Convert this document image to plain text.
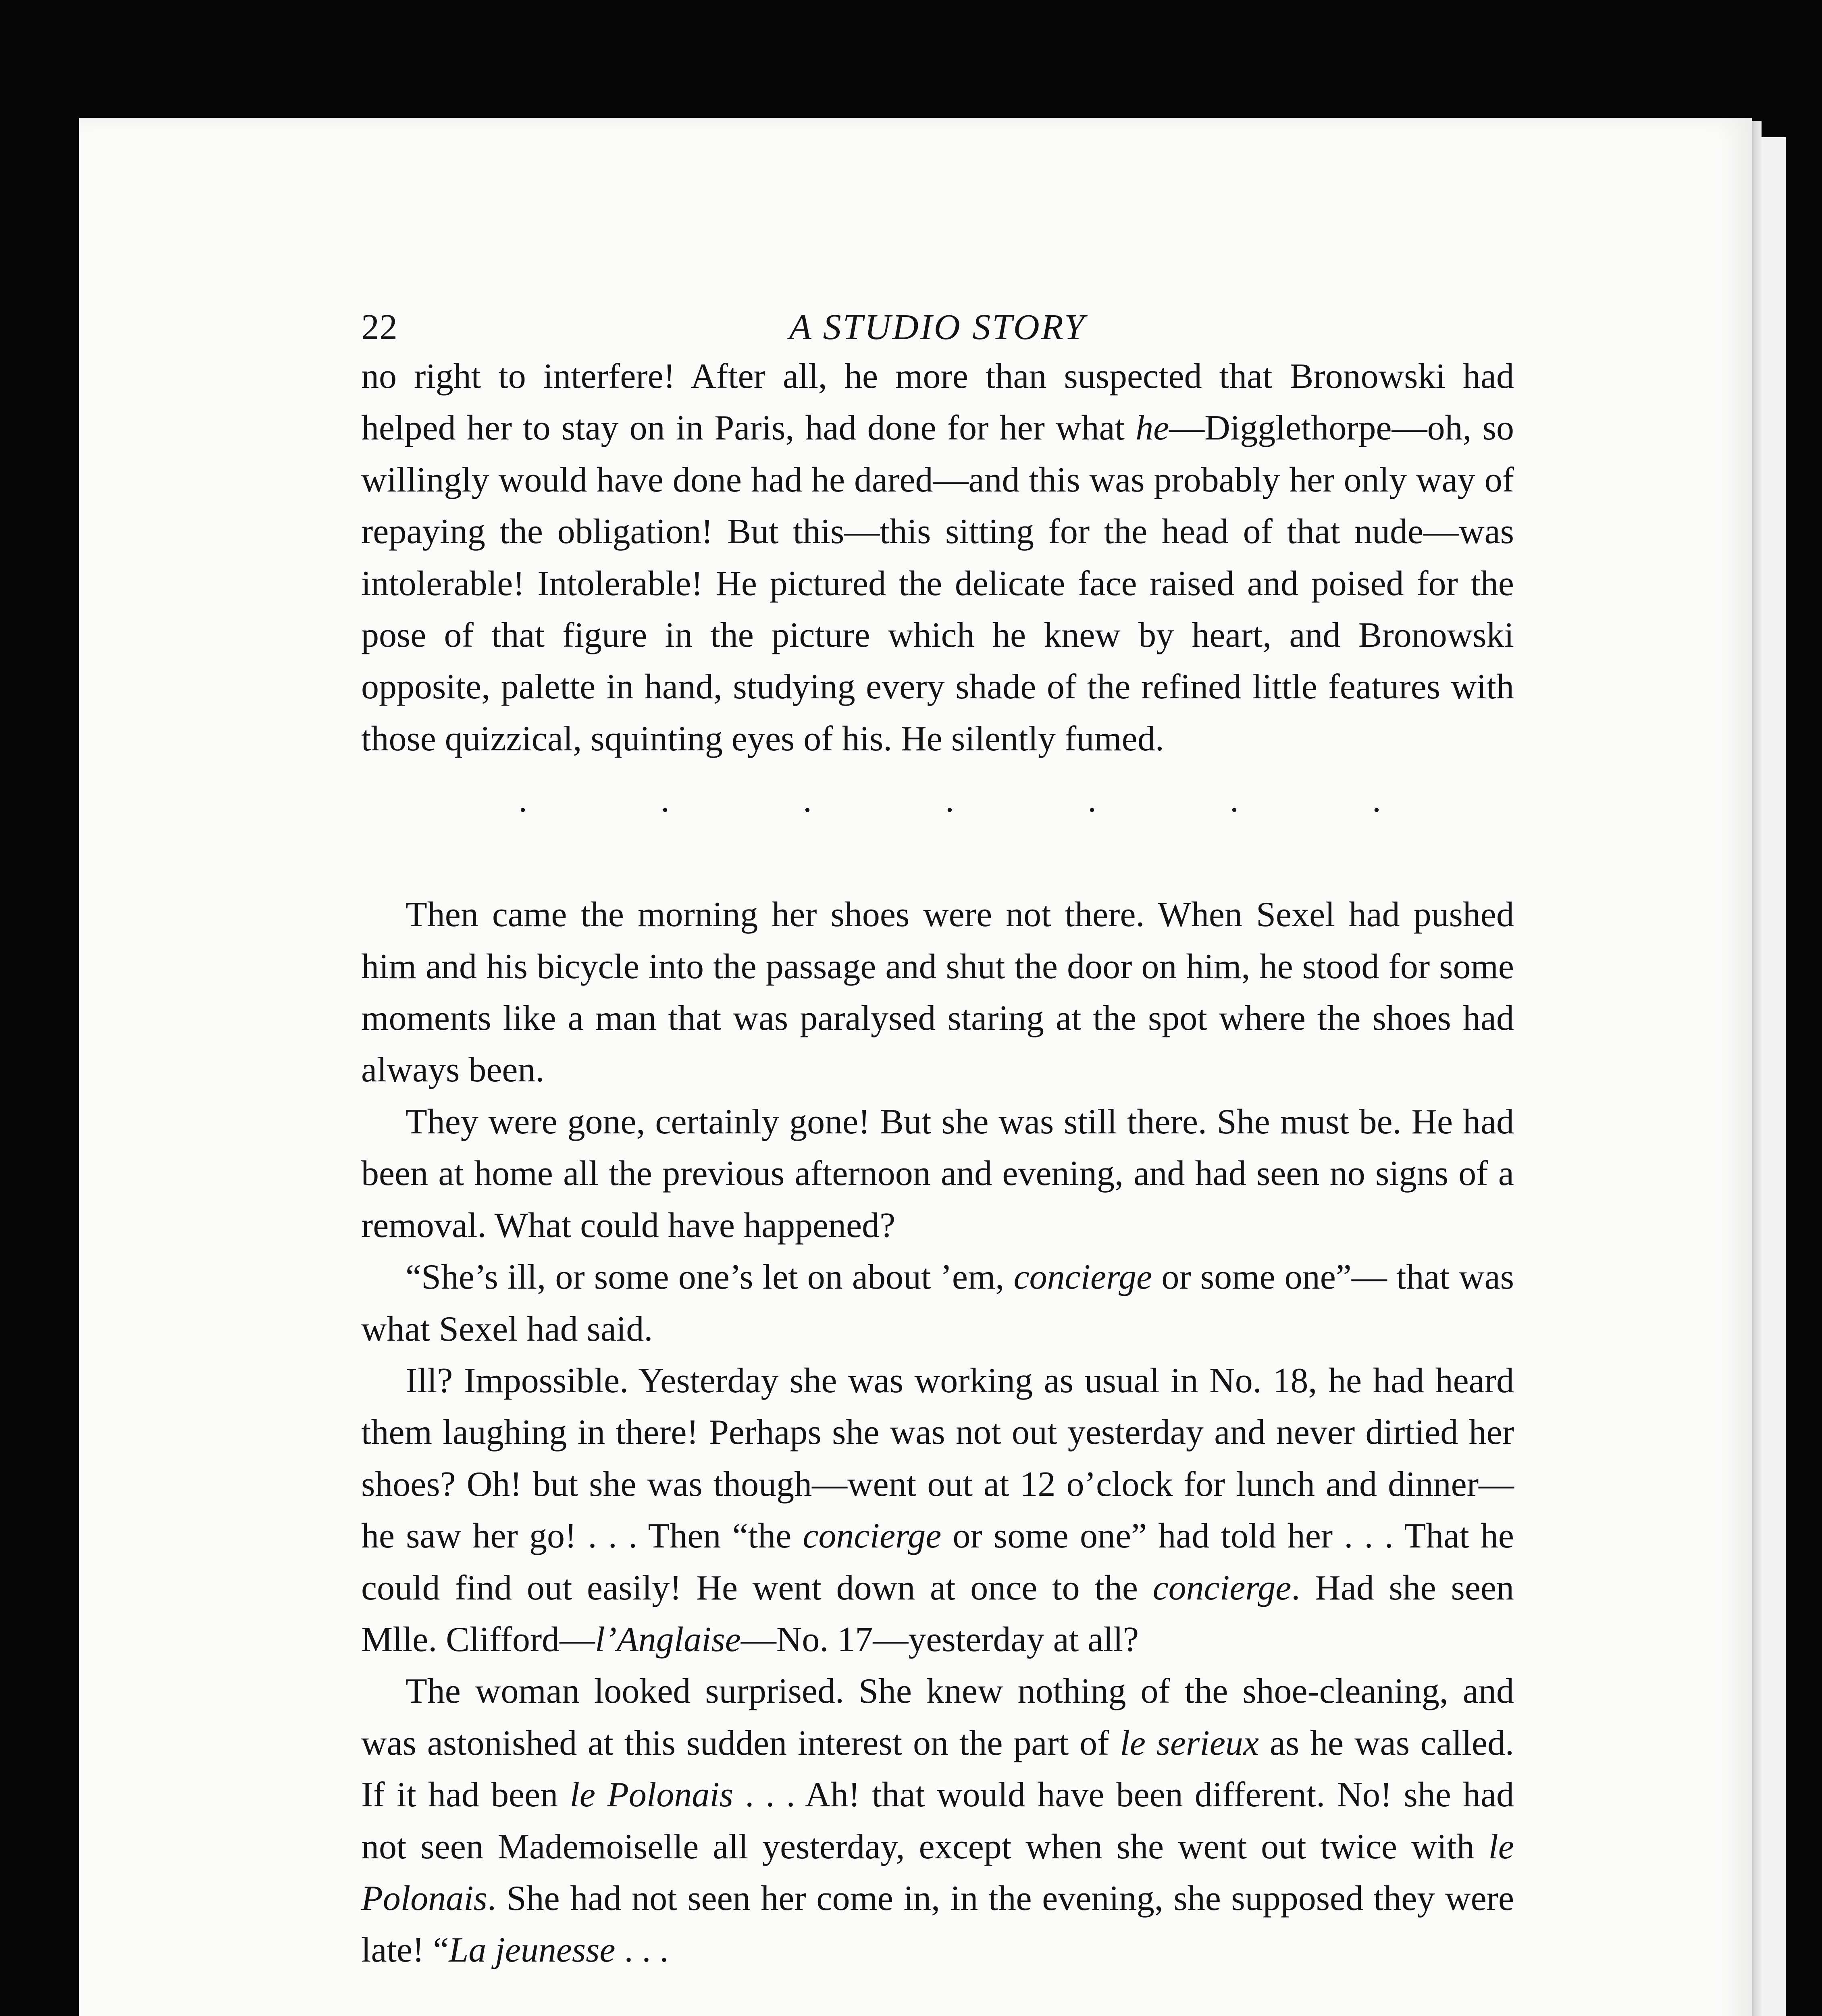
22	A STUDIO STORY

no right to interfere! After all, he more than suspected that Bronowski had helped her to stay on in Paris, had done for her what he—Digglethorpe—oh, so willingly would have done had he dared—and this was probably her only way of repaying the obligation! But this—this sitting for the head of that nude—was intolerable! Intolerable! He pictured the delicate face raised and poised for the pose of that figure in the picture which he knew by heart, and Bronowski opposite, palette in hand, studying every shade of the refined little features with those quizzical, squinting eyes of his. He silently fumed.

.	.	.	.	.	.	.

Then came the morning her shoes were not there. When Sexel had pushed him and his bicycle into the passage and shut the door on him, he stood for some moments like a man that was paralysed staring at the spot where the shoes had always been.

They were gone, certainly gone! But she was still there. She must be. He had been at home all the previous afternoon and evening, and had seen no signs of a removal. What could have happened?

“She’s ill, or some one’s let on about ’em, concierge or some one”— that was what Sexel had said.

Ill? Impossible. Yesterday she was working as usual in No. 18, he had heard them laughing in there! Perhaps she was not out yesterday and never dirtied her shoes? Oh! but she was though—went out at 12 o’clock for lunch and dinner—he saw her go! . . . Then “the concierge or some one” had told her . . . That he could find out easily! He went down at once to the concierge. Had she seen Mlle. Clifford—l’Anglaise—No. 17—yesterday at all?

The woman looked surprised. She knew nothing of the shoe-cleaning, and was astonished at this sudden interest on the part of le serieux as he was called. If it had been le Polonais . . . Ah! that would have been different. No! she had not seen Mademoiselle all yesterday, except when she went out twice with le Polonais. She had not seen her come in, in the evening, she supposed they were late! “La jeunesse . . .
